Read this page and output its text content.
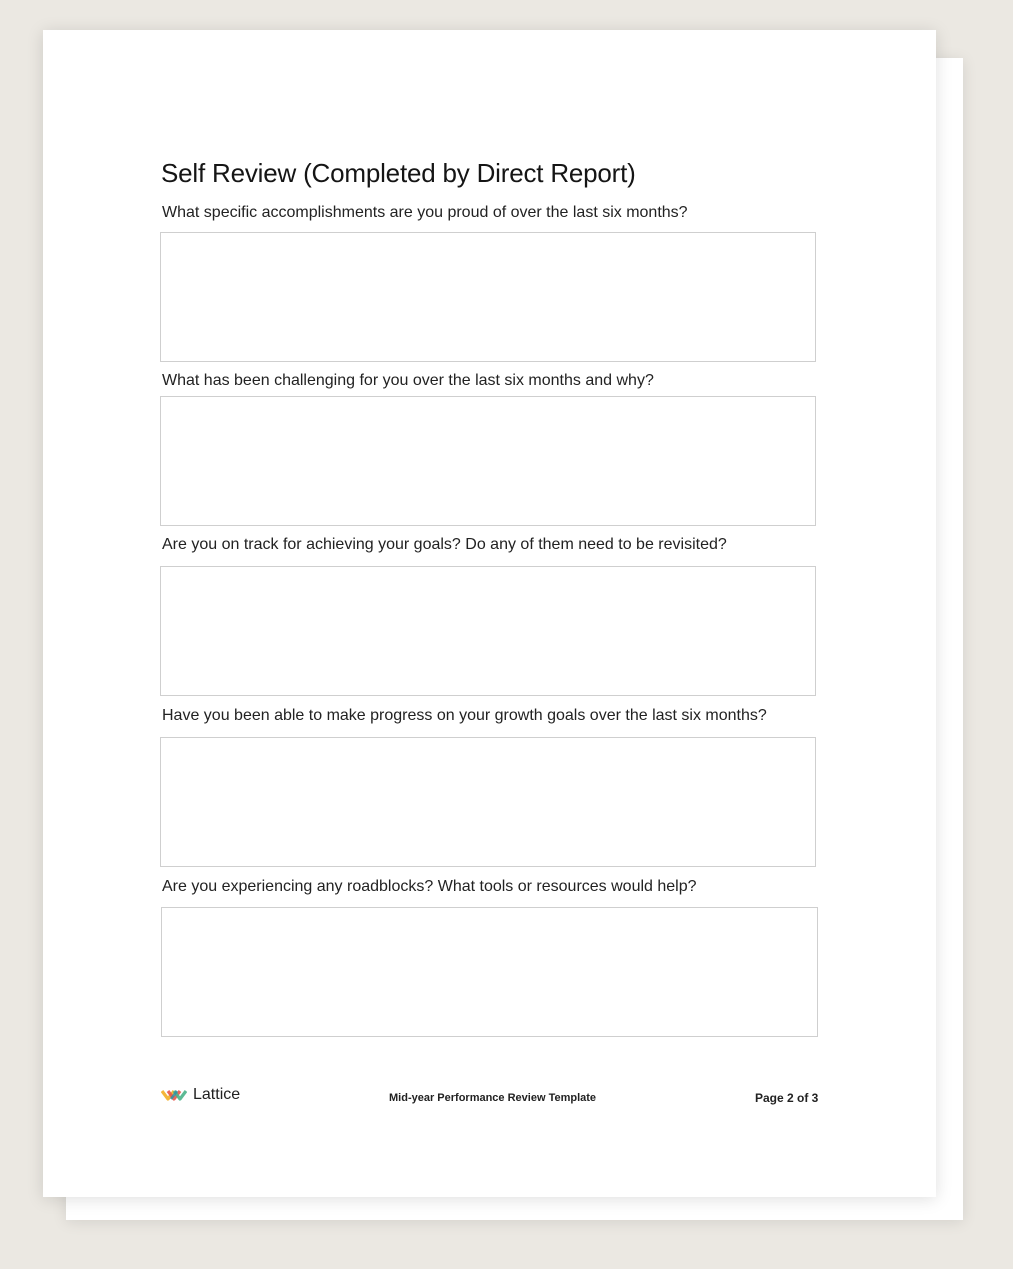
Self Review (Completed by Direct Report)

What specific accomplishments are you proud of over the last six months?

What has been challenging for you over the last six months and why?

Are you on track for achieving your goals? Do any of them need to be revisited?

Have you been able to make progress on your growth goals over the last six months?

Are you experiencing any roadblocks? What tools or resources would help?

Lattice	Mid-year Performance Review Template	Page 2 of 3
